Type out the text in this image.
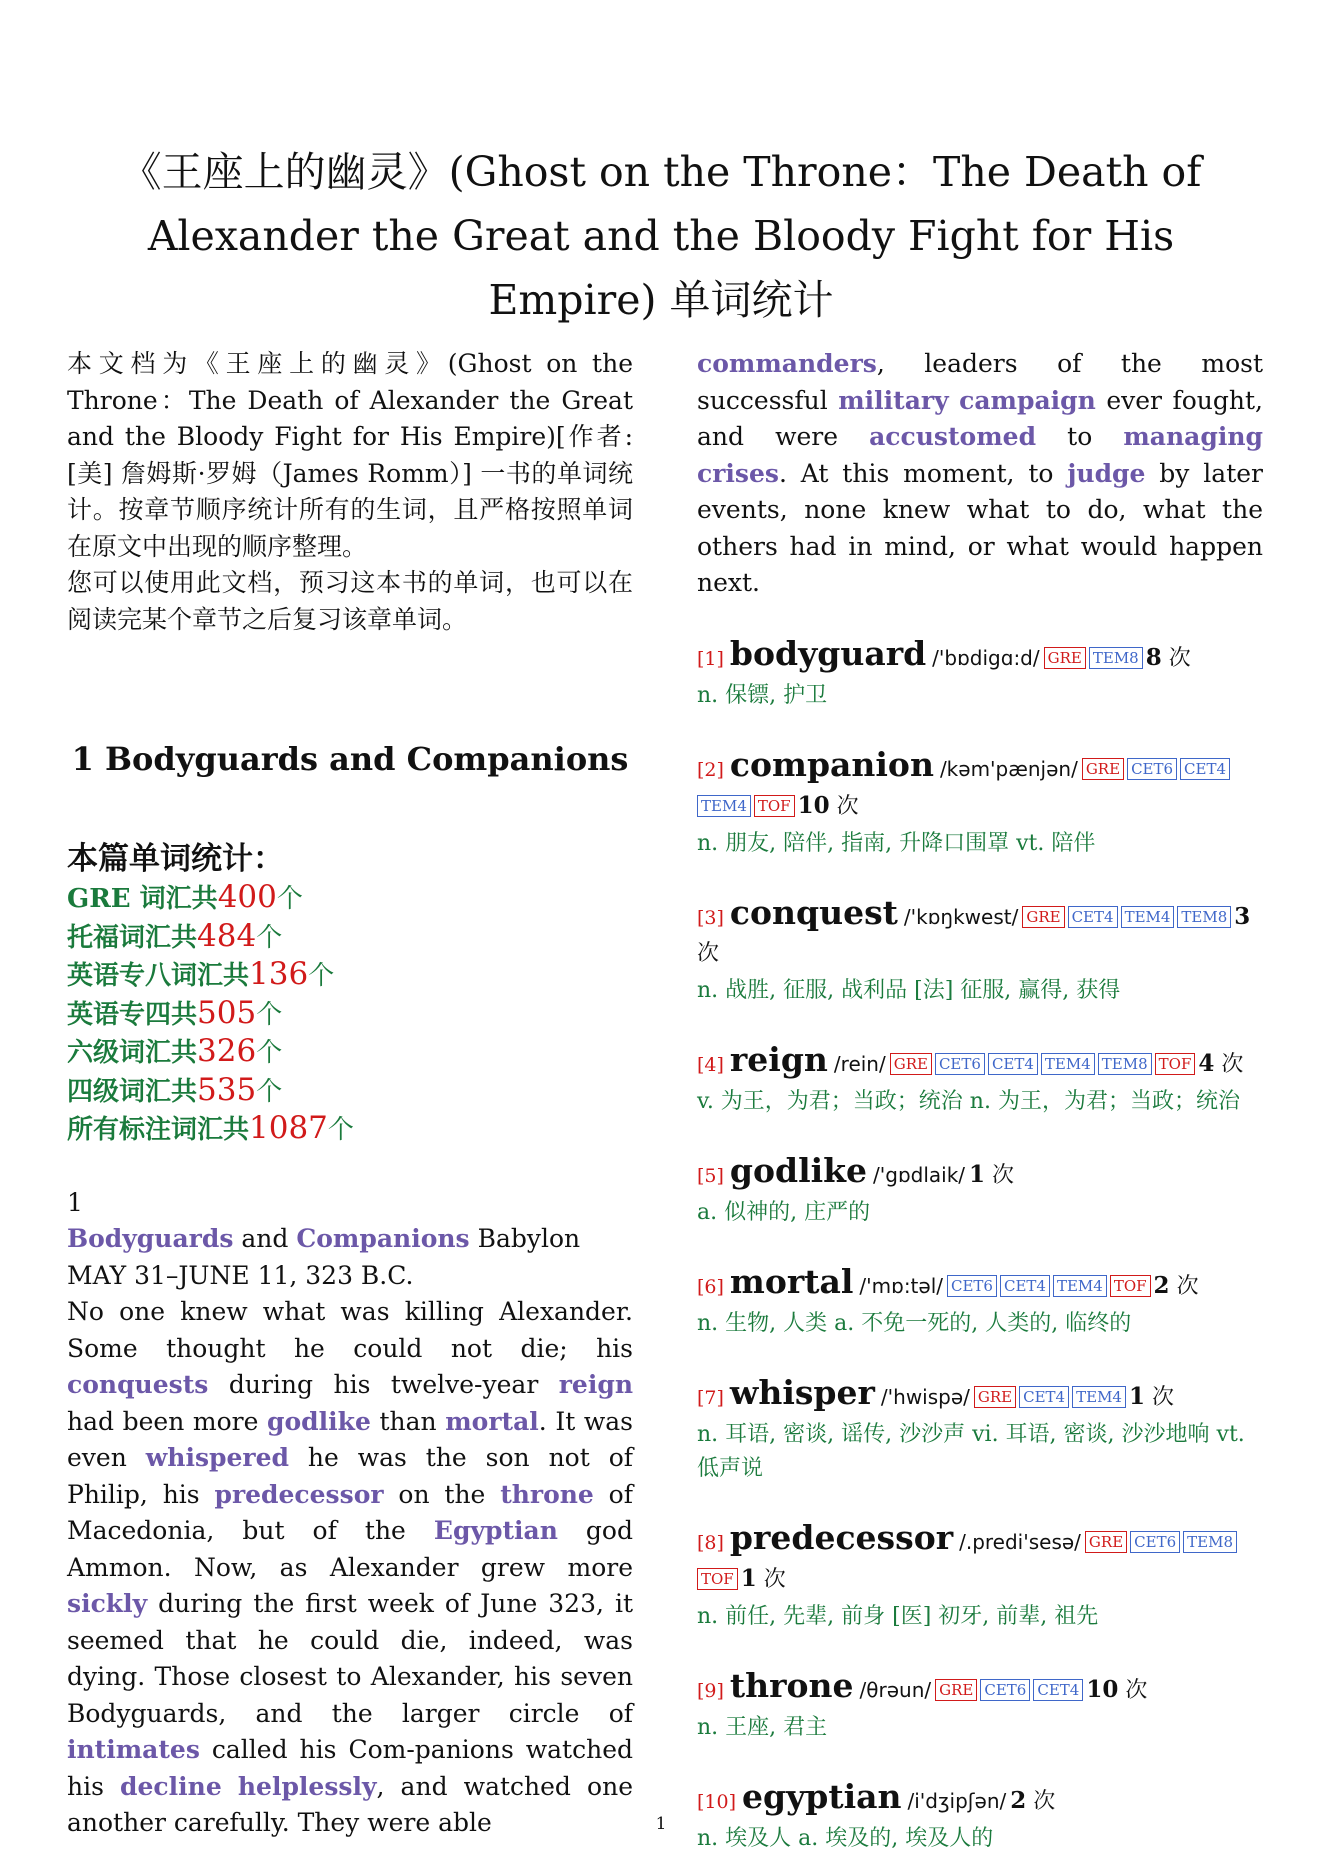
《王座上的幽灵》(Ghost on the Throne：The Death of Alexander the Great and the Bloody Fight for His Empire) 单词统计

本文档为《王座上的幽灵》(Ghost on the Throne：The Death of Alexander the Great and the Bloody Fight for His Empire)[作者: [美] 詹姆斯·罗姆（James Romm）] 一书的单词统计。按章节顺序统计所有的生词，且严格按照单词在原文中出现的顺序整理。
您可以使用此文档，预习这本书的单词，也可以在阅读完某个章节之后复习该章单词。

1 Bodyguards and Companions
本篇单词统计：
GRE 词汇共400个
托福词汇共484个
英语专八词汇共136个
英语专四共505个
六级词汇共326个
四级词汇共535个
所有标注词汇共1087个

1

Bodyguards and Companions Babylon

MAY 31–JUNE 11, 323 B.C.

No one knew what was killing Alexander. Some thought he could not die; his conquests during his twelve-year reign had been more godlike than mortal. It was even whispered he was the son not of Philip, his predecessor on the throne of Macedonia, but of the Egyptian god Ammon. Now, as Alexander grew more sickly during the first week of June 323, it seemed that he could die, indeed, was dying. Those closest to Alexander, his seven Bodyguards, and the larger circle of intimates called his Com-panions watched his decline helplessly, and watched one another carefully. They were able

commanders, leaders of the most successful military campaign ever fought, and were accustomed to managing crises. At this moment, to judge by later events, none knew what to do, what the others had in mind, or what would happen next.

[1] bodyguard /'bɒdigɑ:d/ GRE TEM8 8 次
n. 保镖, 护卫
[2] companion /kəm'pænjən/ GRE CET6 CET4TEM4 TOF 10 次
n. 朋友, 陪伴, 指南, 升降口围罩 vt. 陪伴
[3] conquest /'kɒŋkwest/ GRE CET4 TEM4 TEM8 3 次
n. 战胜, 征服, 战利品 [法] 征服, 赢得, 获得
[4] reign /rein/ GRE CET6 CET4 TEM4 TEM8 TOF 4 次
v. 为王，为君；当政；统治 n. 为王，为君；当政；统治
[5] godlike /'gɒdlaik/ 1 次
a. 似神的, 庄严的
[6] mortal /'mɒ:təl/ CET6 CET4 TEM4 TOF 2 次
n. 生物, 人类 a. 不免一死的, 人类的, 临终的
[7] whisper /'hwispə/ GRE CET4 TEM4 1 次
n. 耳语, 密谈, 谣传, 沙沙声 vi. 耳语, 密谈, 沙沙地响 vt. 低声说
[8] predecessor /.predi'sesə/ GRE CET6 TEM8TOF 1 次
n. 前任, 先辈, 前身 [医] 初牙, 前辈, 祖先
[9] throne /θrəun/ GRE CET6 CET4 10 次
n. 王座, 君主
[10] egyptian /i'dʒipʃən/ 2 次
n. 埃及人 a. 埃及的, 埃及人的
1
